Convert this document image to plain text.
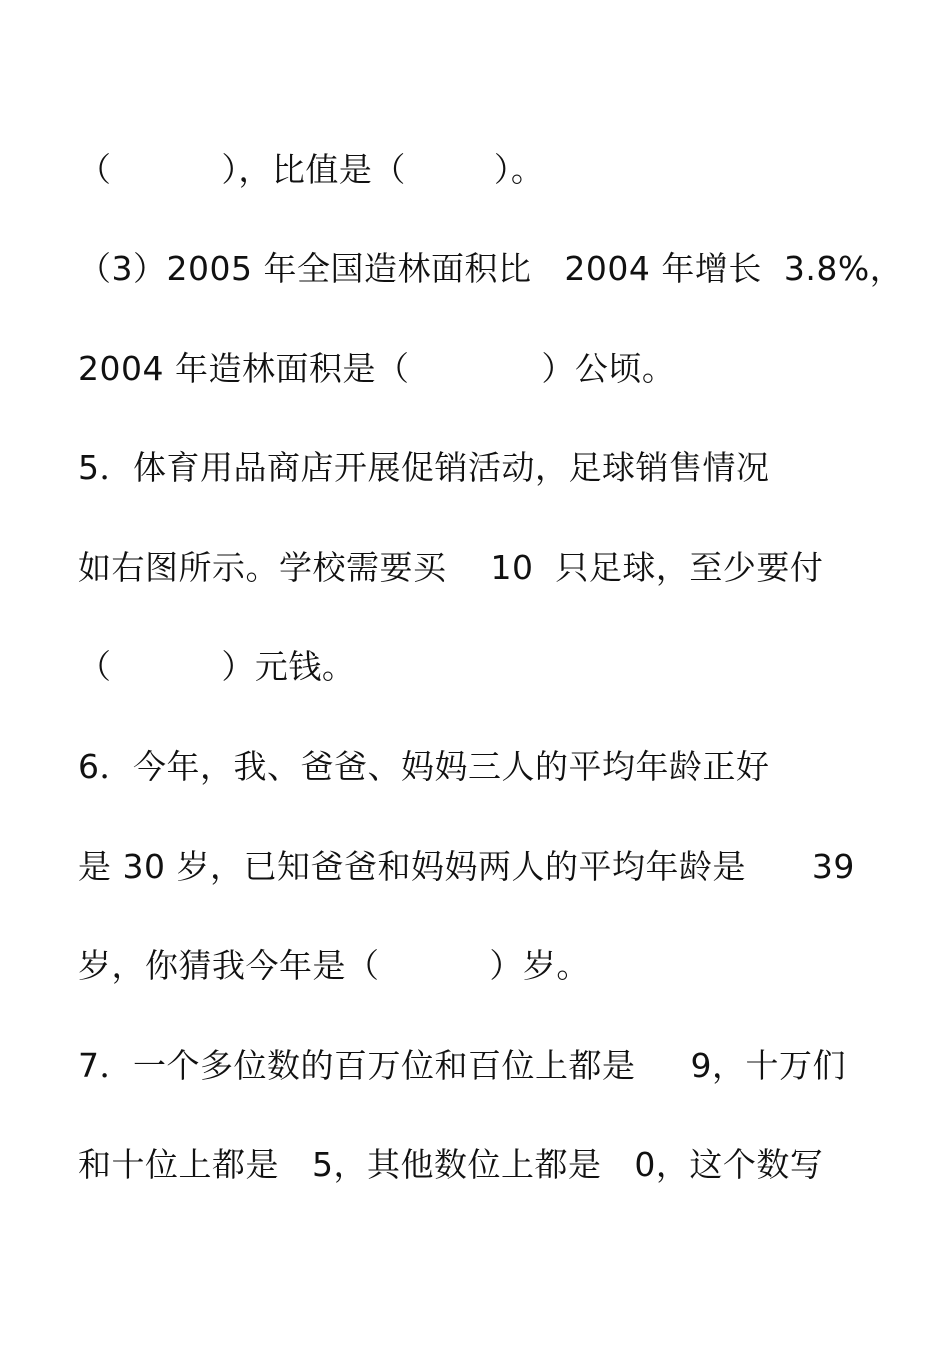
（          ），比值是（        ）。
（3）2005 年全国造林面积比   2004 年增长  3.8%，
2004 年造林面积是（            ）公顷。
5．体育用品商店开展促销活动，足球销售情况
如右图所示。学校需要买    10  只足球，至少要付
（          ）元钱。
6．今年，我、爸爸、妈妈三人的平均年龄正好
是 30 岁，已知爸爸和妈妈两人的平均年龄是      39
岁，你猜我今年是（          ）岁。
7．一个多位数的百万位和百位上都是     9，十万们
和十位上都是   5，其他数位上都是   0，这个数写
